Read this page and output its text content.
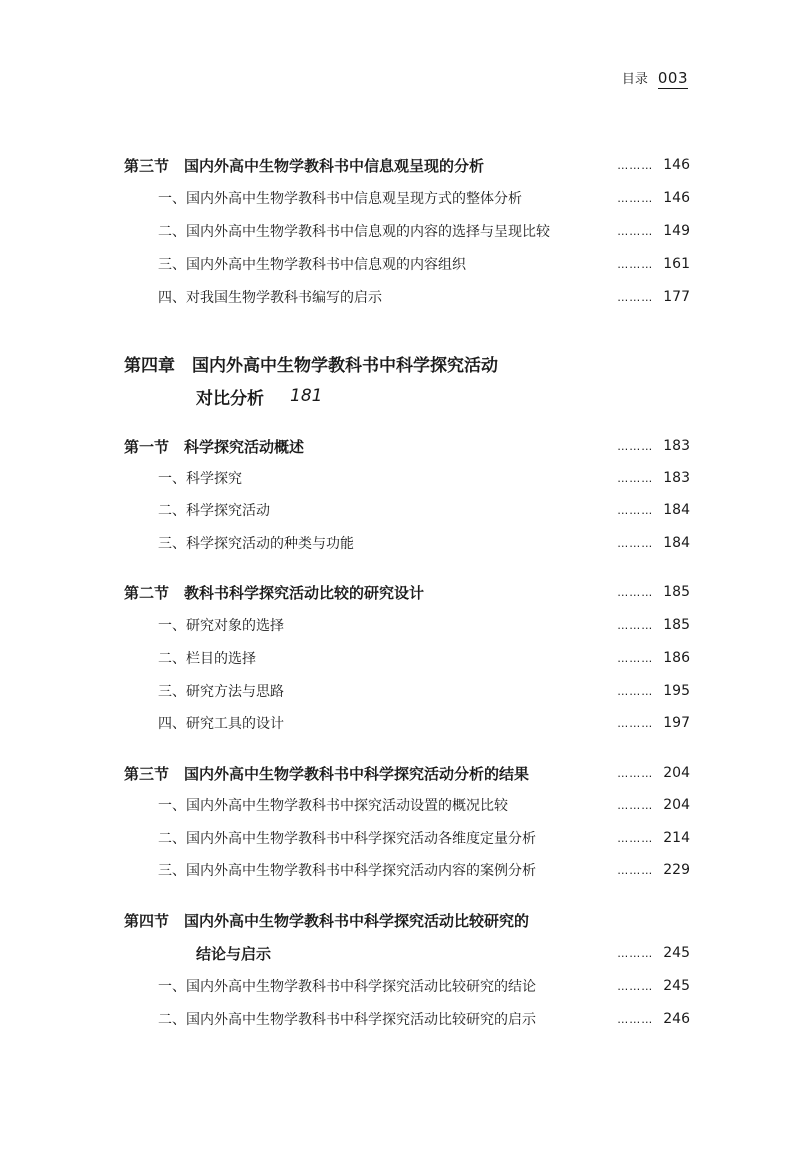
目录 003
第三节　国内外高中生物学教科书中信息观呈现的分析	……… 146
一、国内外高中生物学教科书中信息观呈现方式的整体分析	……… 146
二、国内外高中生物学教科书中信息观的内容的选择与呈现比较	……… 149
三、国内外高中生物学教科书中信息观的内容组织	……… 161
四、对我国生物学教科书编写的启示	……… 177
第四章　国内外高中生物学教科书中科学探究活动
对比分析 181
第一节　科学探究活动概述	……… 183
一、科学探究	……… 183
二、科学探究活动	……… 184
三、科学探究活动的种类与功能	……… 184
第二节　教科书科学探究活动比较的研究设计	……… 185
一、研究对象的选择	……… 185
二、栏目的选择	……… 186
三、研究方法与思路	……… 195
四、研究工具的设计	……… 197
第三节　国内外高中生物学教科书中科学探究活动分析的结果	……… 204
一、国内外高中生物学教科书中探究活动设置的概况比较	……… 204
二、国内外高中生物学教科书中科学探究活动各维度定量分析	……… 214
三、国内外高中生物学教科书中科学探究活动内容的案例分析	……… 229
第四节　国内外高中生物学教科书中科学探究活动比较研究的
结论与启示	……… 245
一、国内外高中生物学教科书中科学探究活动比较研究的结论	……… 245
二、国内外高中生物学教科书中科学探究活动比较研究的启示	……… 246
